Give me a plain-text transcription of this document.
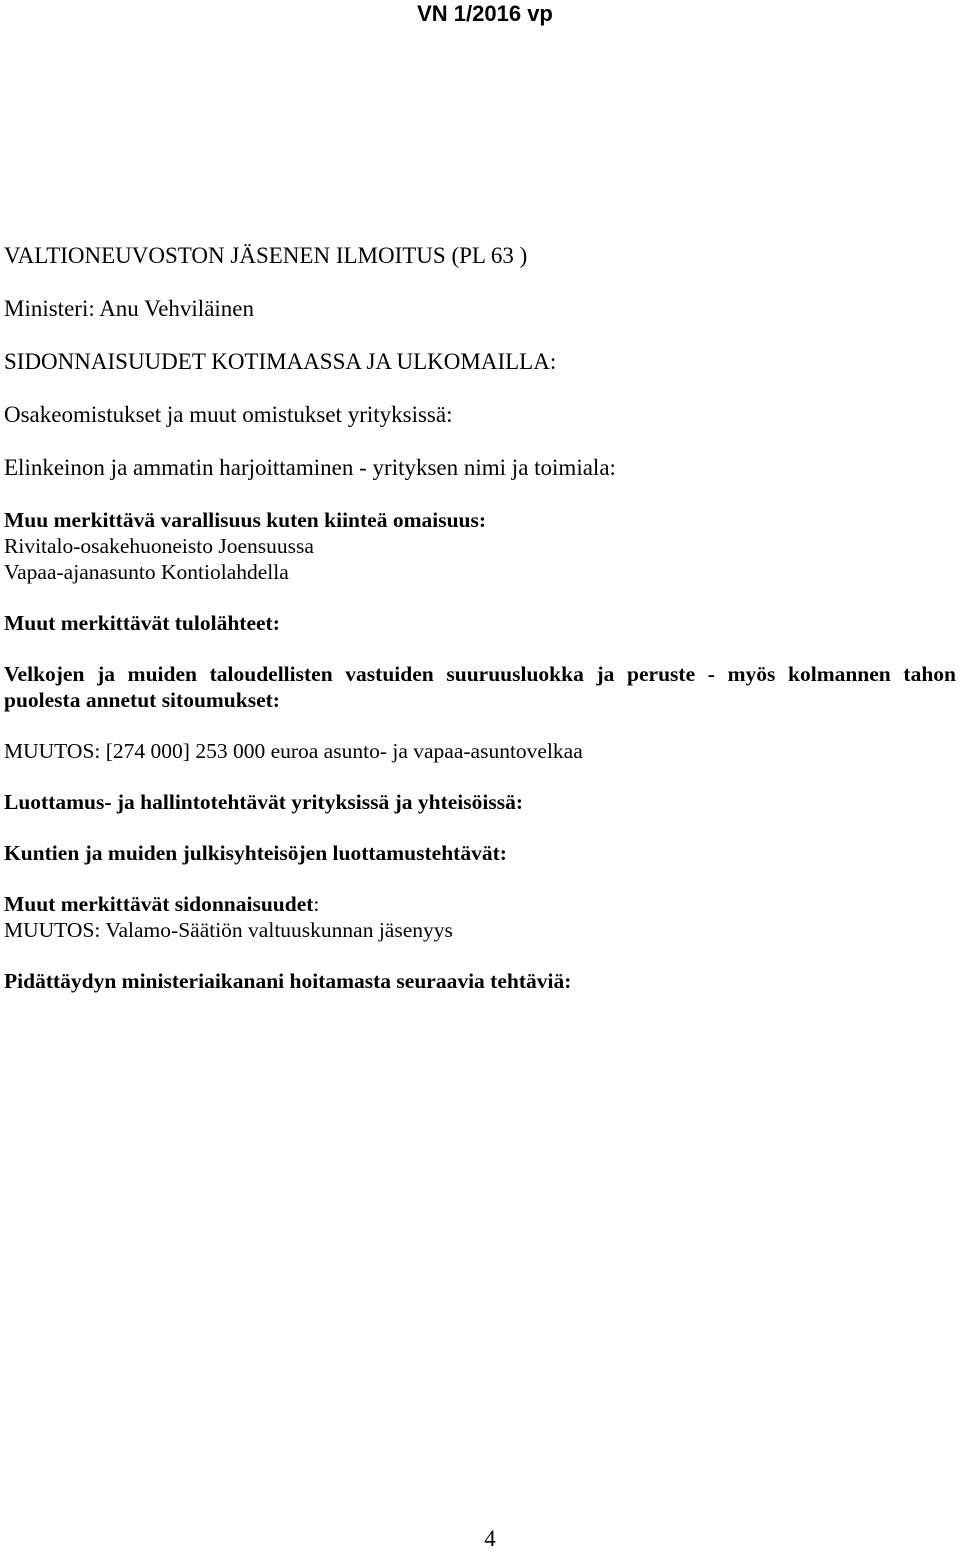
VN 1/2016 vp
VALTIONEUVOSTON JÄSENEN ILMOITUS (PL 63 )
Ministeri: Anu Vehviläinen
SIDONNAISUUDET KOTIMAASSA JA ULKOMAILLA:
Osakeomistukset ja muut omistukset yrityksissä:
Elinkeinon ja ammatin harjoittaminen - yrityksen nimi ja toimiala:
Muu merkittävä varallisuus kuten kiinteä omaisuus:
Rivitalo-osakehuoneisto Joensuussa
Vapaa-ajanasunto Kontiolahdella
Muut merkittävät tulolähteet:
Velkojen ja muiden taloudellisten vastuiden suuruusluokka ja peruste - myös kolmannen tahon puolesta annetut sitoumukset:
MUUTOS: [274 000] 253 000 euroa asunto- ja vapaa-asuntovelkaa
Luottamus- ja hallintotehtävät yrityksissä ja yhteisöissä:
Kuntien ja muiden julkisyhteisöjen luottamustehtävät:
Muut merkittävät sidonnaisuudet:
MUUTOS: Valamo-Säätiön valtuuskunnan jäsenyys
Pidättäydyn ministeriaikanani hoitamasta seuraavia tehtäviä:
4
